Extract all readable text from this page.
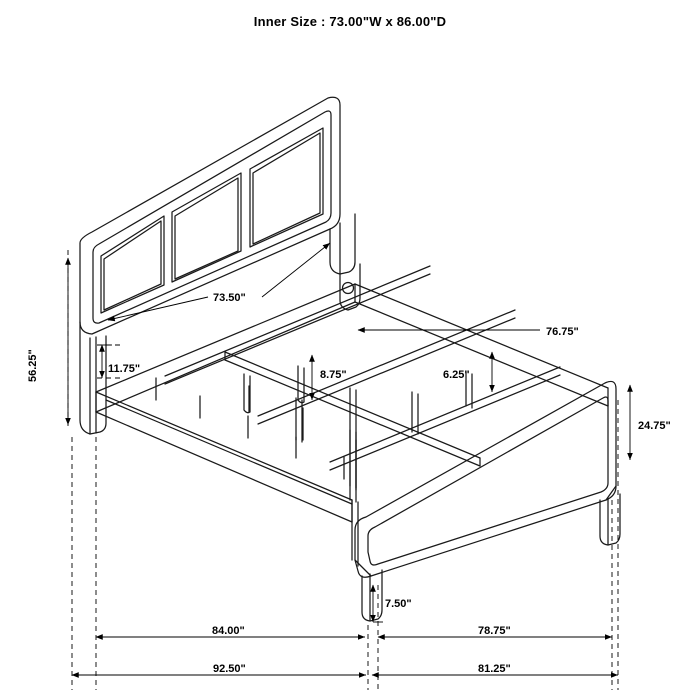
Inner Size : 73.00"W x 86.00"D
56.25"
73.50"
11.75"	8.75"	6.25"
76.75"
24.75"
7.50"
84.00"	78.75"
92.50"	81.25"
